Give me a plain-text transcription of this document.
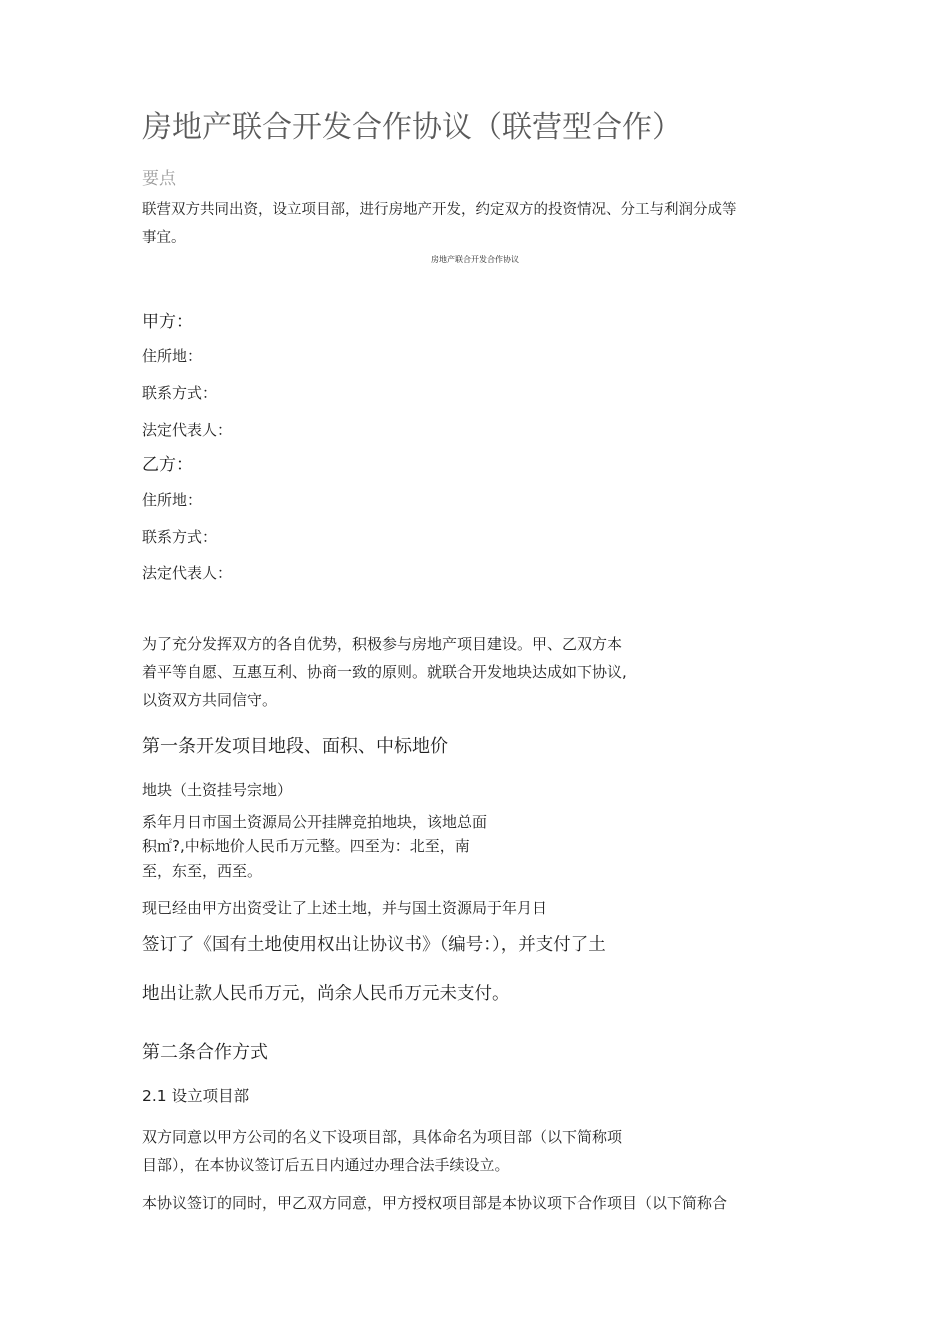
房地产联合开发合作协议（联营型合作）
要点
联营双方共同出资，设立项目部，进行房地产开发，约定双方的投资情况、分工与利润分成等
事宜。
房地产联合开发合作协议
甲方：
住所地：
联系方式：
法定代表人：
乙方：
住所地：
联系方式：
法定代表人：
为了充分发挥双方的各自优势，积极参与房地产项目建设。甲、乙双方本
着平等自愿、互惠互利、协商一致的原则。就联合开发地块达成如下协议,
以资双方共同信守。
第一条开发项目地段、面积、中标地价
地块（土资挂号宗地）
系年月日市国土资源局公开挂牌竞拍地块，该地总面
积㎡?,中标地价人民币万元整。四至为：北至，南
至，东至，西至。
现已经由甲方出资受让了上述土地，并与国土资源局于年月日
签订了《国有土地使用权出让协议书》（编号：），并支付了土
地出让款人民币万元，尚余人民币万元未支付。
第二条合作方式
2.1 设立项目部
双方同意以甲方公司的名义下设项目部，具体命名为项目部（以下简称项
目部），在本协议签订后五日内通过办理合法手续设立。
本协议签订的同时，甲乙双方同意，甲方授权项目部是本协议项下合作项目（以下简称合
